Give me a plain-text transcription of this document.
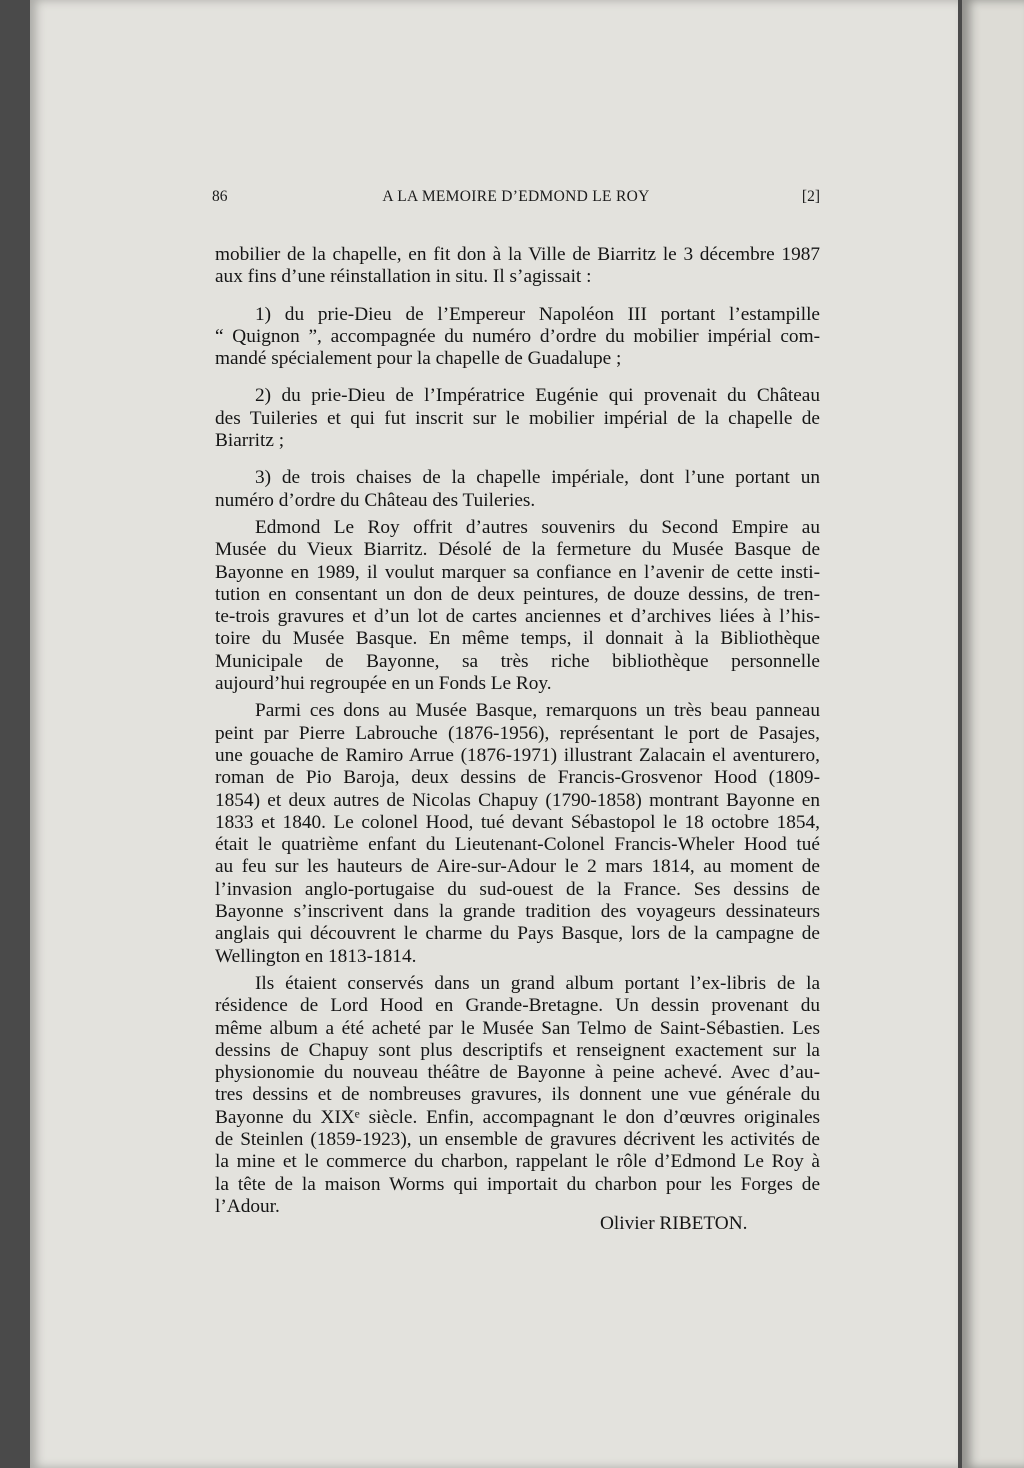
86	A LA MEMOIRE D’EDMOND LE ROY	[2]
mobilier de la chapelle, en fit don à la Ville de Biarritz le 3 décembre 1987
aux fins d’une réinstallation in situ. Il s’agissait :
1) du prie-Dieu de l’Empereur Napoléon III portant l’estampille
“ Quignon ”, accompagnée du numéro d’ordre du mobilier impérial com-
mandé spécialement pour la chapelle de Guadalupe ;
2) du prie-Dieu de l’Impératrice Eugénie qui provenait du Château
des Tuileries et qui fut inscrit sur le mobilier impérial de la chapelle de
Biarritz ;
3) de trois chaises de la chapelle impériale, dont l’une portant un
numéro d’ordre du Château des Tuileries.
Edmond Le Roy offrit d’autres souvenirs du Second Empire au
Musée du Vieux Biarritz. Désolé de la fermeture du Musée Basque de
Bayonne en 1989, il voulut marquer sa confiance en l’avenir de cette insti-
tution en consentant un don de deux peintures, de douze dessins, de tren-
te-trois gravures et d’un lot de cartes anciennes et d’archives liées à l’his-
toire du Musée Basque. En même temps, il donnait à la Bibliothèque
Municipale de Bayonne, sa très riche bibliothèque personnelle
aujourd’hui regroupée en un Fonds Le Roy.
Parmi ces dons au Musée Basque, remarquons un très beau panneau
peint par Pierre Labrouche (1876-1956), représentant le port de Pasajes,
une gouache de Ramiro Arrue (1876-1971) illustrant Zalacain el aventurero,
roman de Pio Baroja, deux dessins de Francis-Grosvenor Hood (1809-
1854) et deux autres de Nicolas Chapuy (1790-1858) montrant Bayonne en
1833 et 1840. Le colonel Hood, tué devant Sébastopol le 18 octobre 1854,
était le quatrième enfant du Lieutenant-Colonel Francis-Wheler Hood tué
au feu sur les hauteurs de Aire-sur-Adour le 2 mars 1814, au moment de
l’invasion anglo-portugaise du sud-ouest de la France. Ses dessins de
Bayonne s’inscrivent dans la grande tradition des voyageurs dessinateurs
anglais qui découvrent le charme du Pays Basque, lors de la campagne de
Wellington en 1813-1814.
Ils étaient conservés dans un grand album portant l’ex-libris de la
résidence de Lord Hood en Grande-Bretagne. Un dessin provenant du
même album a été acheté par le Musée San Telmo de Saint-Sébastien. Les
dessins de Chapuy sont plus descriptifs et renseignent exactement sur la
physionomie du nouveau théâtre de Bayonne à peine achevé. Avec d’au-
tres dessins et de nombreuses gravures, ils donnent une vue générale du
Bayonne du XIXᵉ siècle. Enfin, accompagnant le don d’œuvres originales
de Steinlen (1859-1923), un ensemble de gravures décrivent les activités de
la mine et le commerce du charbon, rappelant le rôle d’Edmond Le Roy à
la tête de la maison Worms qui importait du charbon pour les Forges de
l’Adour.
Olivier RIBETON.
